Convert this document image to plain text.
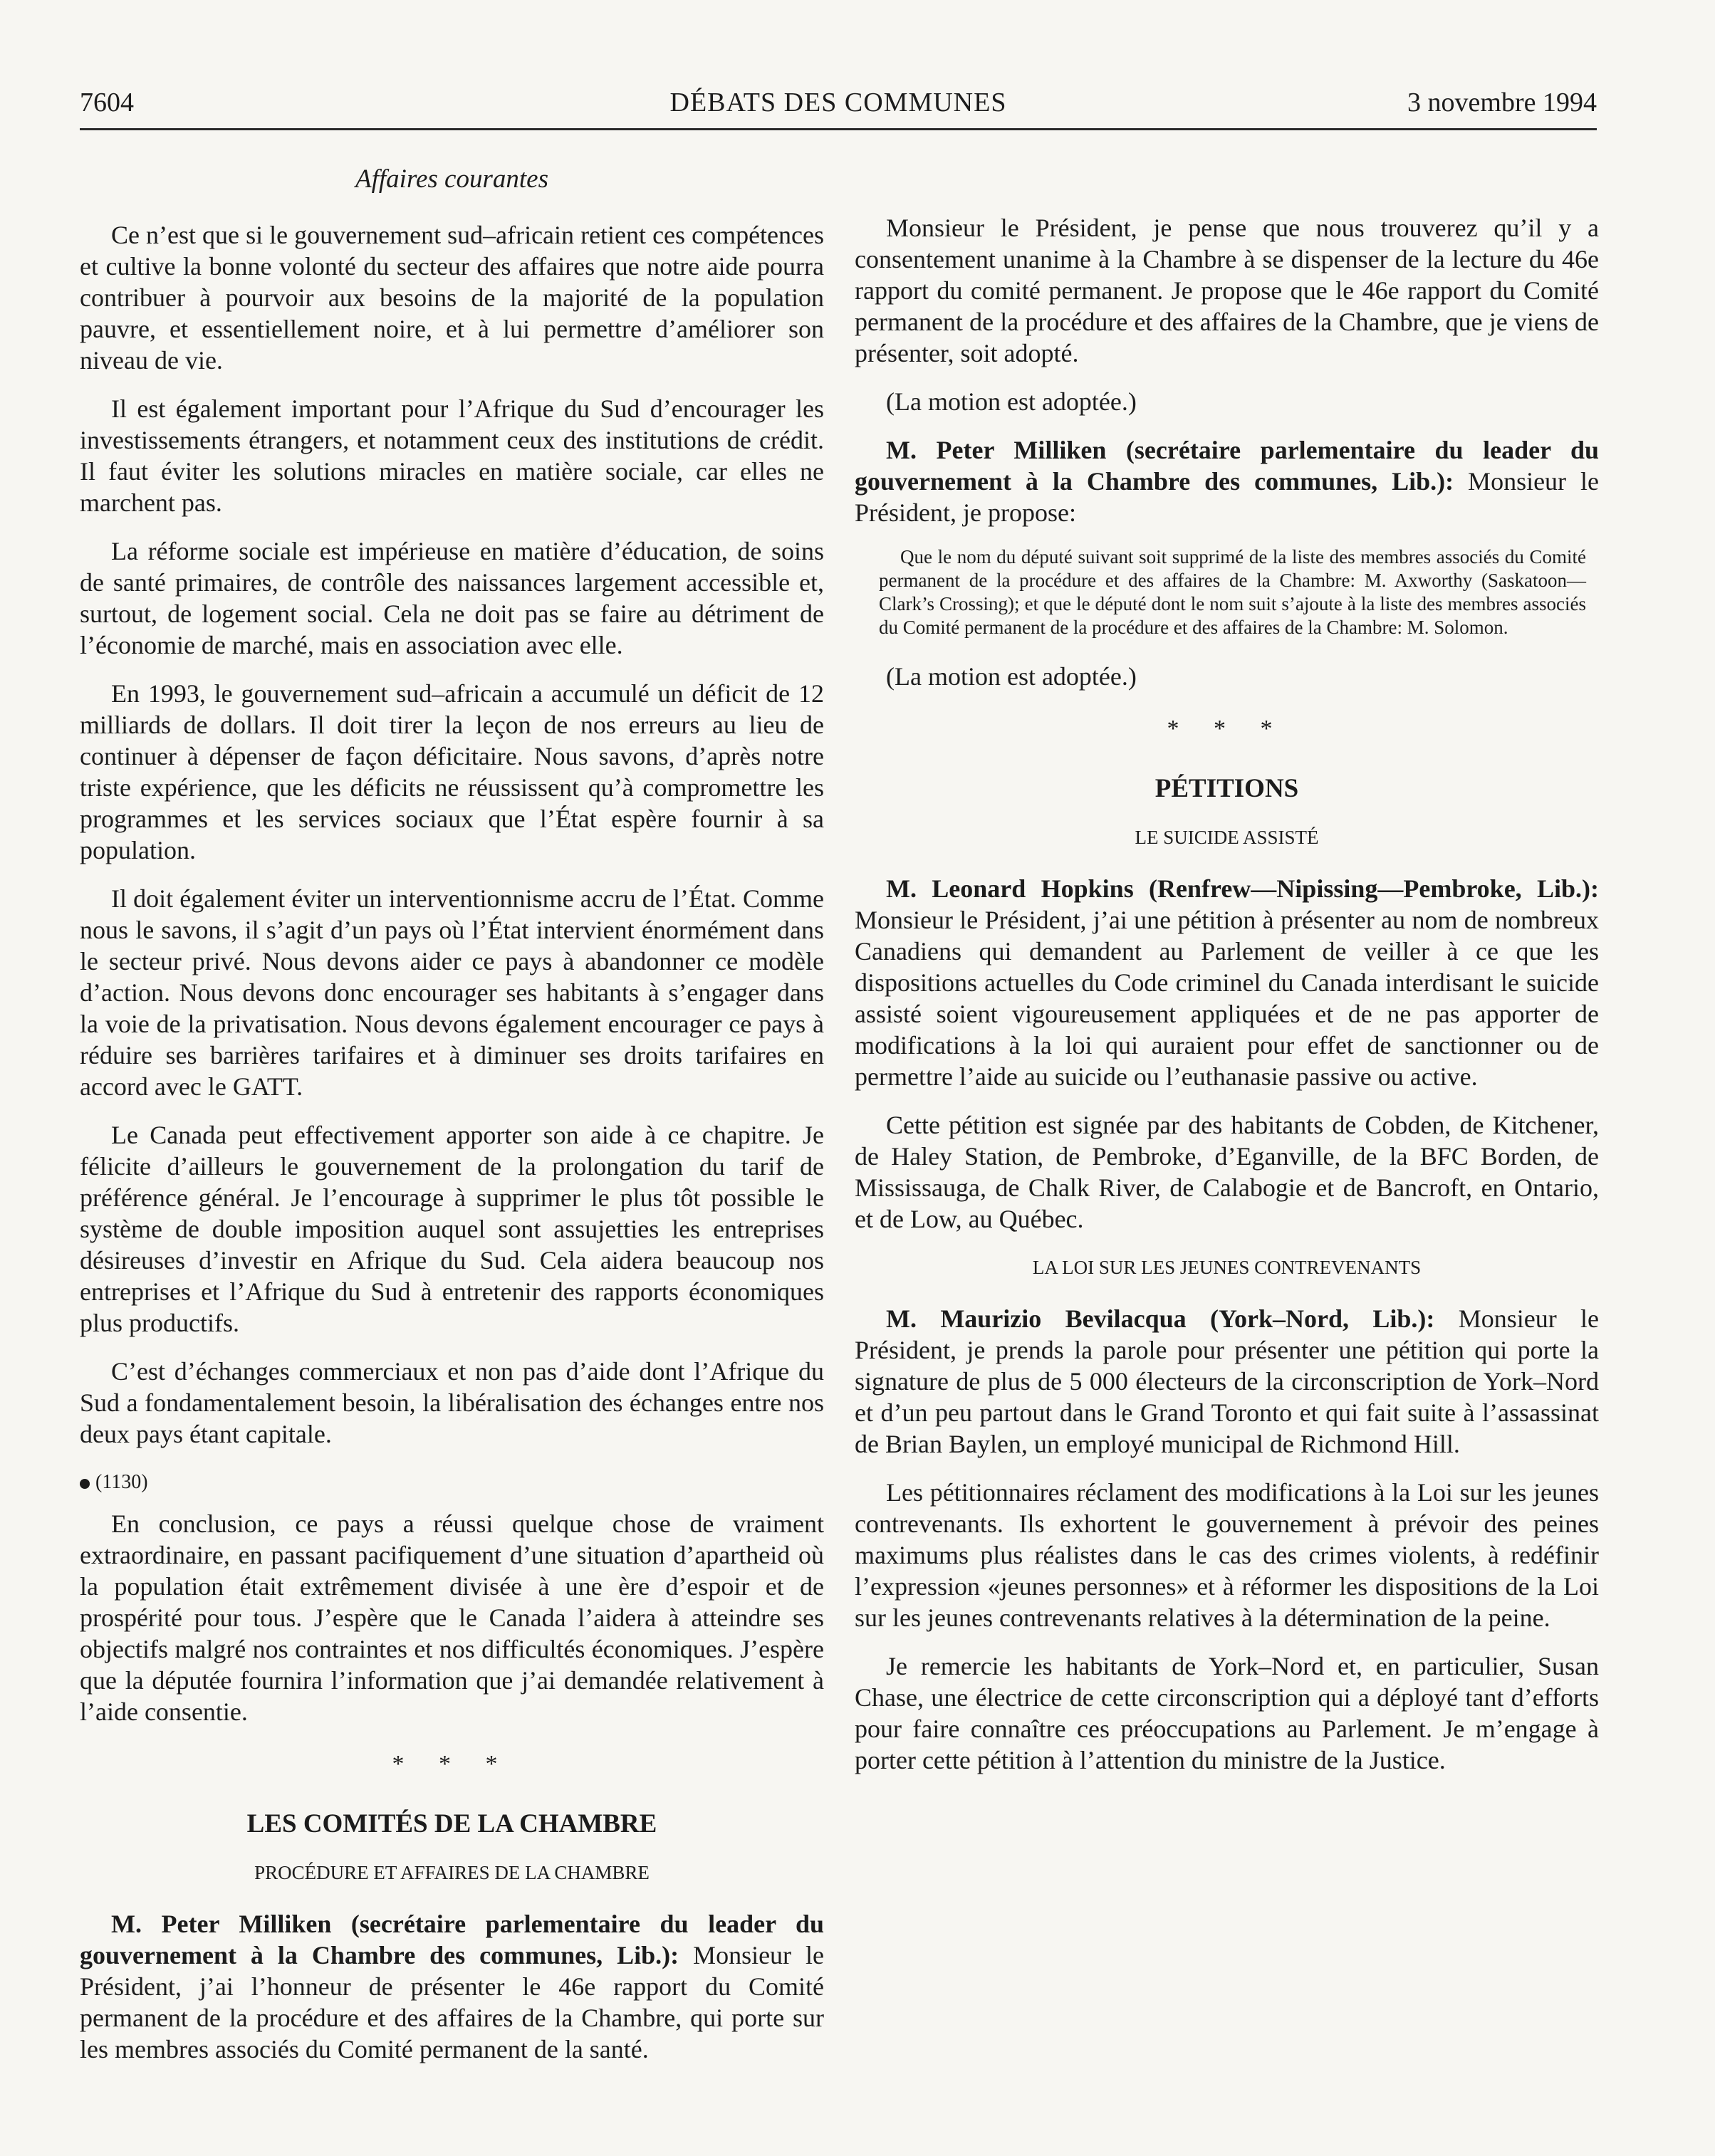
7604	DÉBATS DES COMMUNES	3 novembre 1994
Affaires courantes

Ce n’est que si le gouvernement sud–africain retient ces compétences et cultive la bonne volonté du secteur des affaires que notre aide pourra contribuer à pourvoir aux besoins de la majorité de la population pauvre, et essentiellement noire, et à lui permettre d’améliorer son niveau de vie.

Il est également important pour l’Afrique du Sud d’encourager les investissements étrangers, et notamment ceux des institutions de crédit. Il faut éviter les solutions miracles en matière sociale, car elles ne marchent pas.

La réforme sociale est impérieuse en matière d’éducation, de soins de santé primaires, de contrôle des naissances largement accessible et, surtout, de logement social. Cela ne doit pas se faire au détriment de l’économie de marché, mais en association avec elle.

En 1993, le gouvernement sud–africain a accumulé un déficit de 12 milliards de dollars. Il doit tirer la leçon de nos erreurs au lieu de continuer à dépenser de façon déficitaire. Nous savons, d’après notre triste expérience, que les déficits ne réussissent qu’à compromettre les programmes et les services sociaux que l’État espère fournir à sa population.

Il doit également éviter un interventionnisme accru de l’État. Comme nous le savons, il s’agit d’un pays où l’État intervient énormément dans le secteur privé. Nous devons aider ce pays à abandonner ce modèle d’action. Nous devons donc encourager ses habitants à s’engager dans la voie de la privatisation. Nous devons également encourager ce pays à réduire ses barrières tarifaires et à diminuer ses droits tarifaires en accord avec le GATT.

Le Canada peut effectivement apporter son aide à ce chapitre. Je félicite d’ailleurs le gouvernement de la prolongation du tarif de préférence général. Je l’encourage à supprimer le plus tôt possible le système de double imposition auquel sont assujetties les entreprises désireuses d’investir en Afrique du Sud. Cela aidera beaucoup nos entreprises et l’Afrique du Sud à entretenir des rapports économiques plus productifs.

C’est d’échanges commerciaux et non pas d’aide dont l’Afrique du Sud a fondamentalement besoin, la libéralisation des échanges entre nos deux pays étant capitale.

(1130)

En conclusion, ce pays a réussi quelque chose de vraiment extraordinaire, en passant pacifiquement d’une situation d’apartheid où la population était extrêmement divisée à une ère d’espoir et de prospérité pour tous. J’espère que le Canada l’aidera à atteindre ses objectifs malgré nos contraintes et nos difficultés économiques. J’espère que la députée fournira l’information que j’ai demandée relativement à l’aide consentie.

* * *
LES COMITÉS DE LA CHAMBRE
PROCÉDURE ET AFFAIRES DE LA CHAMBRE

M. Peter Milliken (secrétaire parlementaire du leader du gouvernement à la Chambre des communes, Lib.): Monsieur le Président, j’ai l’honneur de présenter le 46e rapport du Comité permanent de la procédure et des affaires de la Chambre, qui porte sur les membres associés du Comité permanent de la santé.

Monsieur le Président, je pense que nous trouverez qu’il y a consentement unanime à la Chambre à se dispenser de la lecture du 46e rapport du comité permanent. Je propose que le 46e rapport du Comité permanent de la procédure et des affaires de la Chambre, que je viens de présenter, soit adopté.

(La motion est adoptée.)

M. Peter Milliken (secrétaire parlementaire du leader du gouvernement à la Chambre des communes, Lib.): Monsieur le Président, je propose:

Que le nom du député suivant soit supprimé de la liste des membres associés du Comité permanent de la procédure et des affaires de la Chambre: M. Axworthy (Saskatoon—Clark’s Crossing); et que le député dont le nom suit s’ajoute à la liste des membres associés du Comité permanent de la procédure et des affaires de la Chambre: M. Solomon.

(La motion est adoptée.)

* * *
PÉTITIONS
LE SUICIDE ASSISTÉ

M. Leonard Hopkins (Renfrew—Nipissing—Pembroke, Lib.): Monsieur le Président, j’ai une pétition à présenter au nom de nombreux Canadiens qui demandent au Parlement de veiller à ce que les dispositions actuelles du Code criminel du Canada interdisant le suicide assisté soient vigoureusement appliquées et de ne pas apporter de modifications à la loi qui auraient pour effet de sanctionner ou de permettre l’aide au suicide ou l’euthanasie passive ou active.

Cette pétition est signée par des habitants de Cobden, de Kitchener, de Haley Station, de Pembroke, d’Eganville, de la BFC Borden, de Mississauga, de Chalk River, de Calabogie et de Bancroft, en Ontario, et de Low, au Québec.

LA LOI SUR LES JEUNES CONTREVENANTS

M. Maurizio Bevilacqua (York–Nord, Lib.): Monsieur le Président, je prends la parole pour présenter une pétition qui porte la signature de plus de 5 000 électeurs de la circonscription de York–Nord et d’un peu partout dans le Grand Toronto et qui fait suite à l’assassinat de Brian Baylen, un employé municipal de Richmond Hill.

Les pétitionnaires réclament des modifications à la Loi sur les jeunes contrevenants. Ils exhortent le gouvernement à prévoir des peines maximums plus réalistes dans le cas des crimes violents, à redéfinir l’expression «jeunes personnes» et à réformer les dispositions de la Loi sur les jeunes contrevenants relatives à la détermination de la peine.

Je remercie les habitants de York–Nord et, en particulier, Susan Chase, une électrice de cette circonscription qui a déployé tant d’efforts pour faire connaître ces préoccupations au Parlement. Je m’engage à porter cette pétition à l’attention du ministre de la Justice.
